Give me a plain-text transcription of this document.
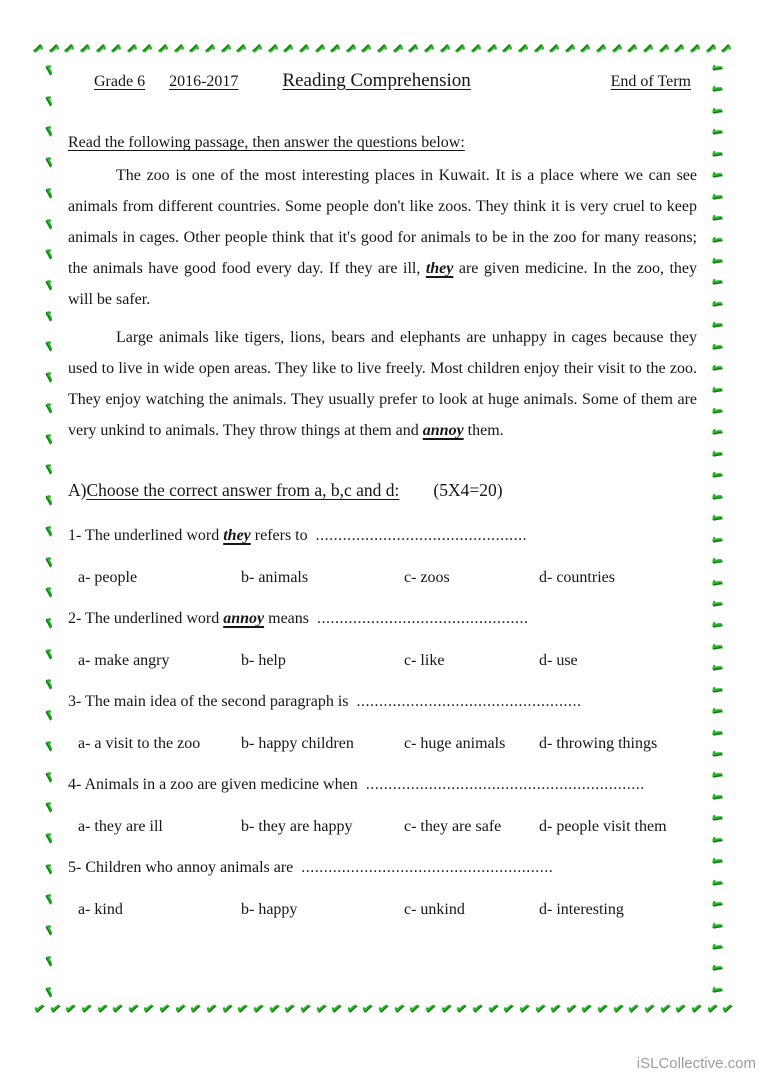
✔ ✔ ✔ ✔ ✔ ✔ ✔ ✔ ✔ ✔ ✔ ✔ ✔ ✔ ✔ ✔ ✔ ✔ ✔ ✔ ✔ ✔ ✔ ✔ ✔ ✔ ✔ ✔ ✔ ✔ ✔ ✔ ✔ ✔ ✔ ✔ ✔ ✔ ✔ ✔ ✔ ✔ ✔ ✔ ✔
✔ ✔ ✔ ✔ ✔ ✔ ✔ ✔ ✔ ✔ ✔ ✔ ✔ ✔ ✔ ✔ ✔ ✔ ✔ ✔ ✔ ✔ ✔ ✔ ✔ ✔ ✔ ✔ ✔ ✔ ✔ ✔ ✔ ✔ ✔ ✔ ✔ ✔ ✔ ✔ ✔ ✔ ✔ ✔ ✔
✔
✔
✔
✔
✔
✔
✔
✔
✔
✔
✔
✔
✔
✔
✔
✔
✔
✔
✔
✔
✔
✔
✔
✔
✔
✔
✔
✔
✔
✔
✔
✔
✔
✔
✔
✔
✔
✔
✔
✔
✔
✔
✔
✔
✔
✔
✔
✔
✔
✔
✔
✔
✔
✔
✔
✔
✔
✔
✔
✔
✔
✔
✔
✔
✔
✔
✔
✔
✔
✔
✔
✔
✔
✔
✔
Grade 6 2016-2017 Reading Comprehension	End of Term
Read the following passage, then answer the questions below:

The zoo is one of the most interesting places in Kuwait. It is a place where we can see animals from different countries. Some people don't like zoos. They think it is very cruel to keep animals in cages. Other people think that it's good for animals to be in the zoo for many reasons; the animals have good food every day. If they are ill, they are given medicine. In the zoo, they will be safer.

Large animals like tigers, lions, bears and elephants are unhappy in cages because they used to live in wide open areas. They like to live freely. Most children enjoy their visit to the zoo. They enjoy watching the animals. They usually prefer to look at huge animals. Some of them are very unkind to animals. They throw things at them and annoy them.

A)Choose the correct answer from a, b,c and d: (5X4=20)
1- The underlined word they refers to ...............................................
a- people	b- animals	c- zoos	d- countries
2- The underlined word annoy means ...............................................
a- make angry	b- help	c- like	d- use
3- The main idea of the second paragraph is ..................................................
a- a visit to the zoo	b- happy children	c- huge animals	d- throwing things
4- Animals in a zoo are given medicine when ..............................................................
a- they are ill	b- they are happy	c- they are safe	d- people visit them
5- Children who annoy animals are ........................................................
a- kind	b- happy	c- unkind	d- interesting
iSLCollective.com
